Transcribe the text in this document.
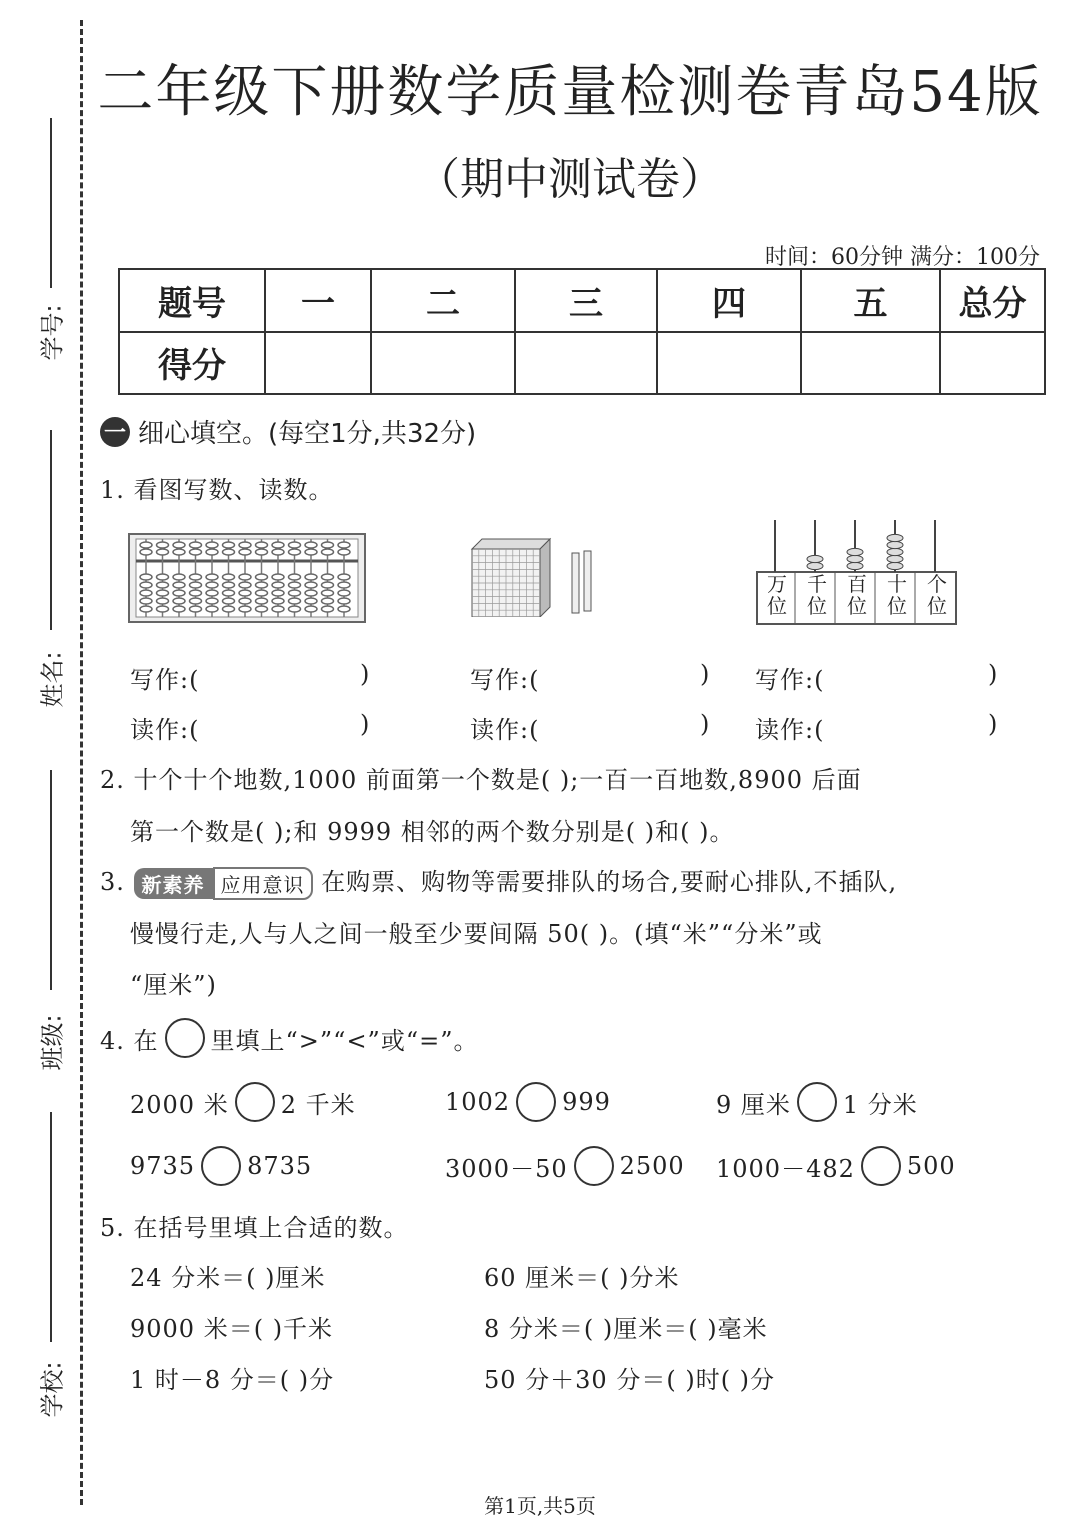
学号:
姓名:
班级:
学校:
二年级下册数学质量检测卷青岛54版
（期中测试卷）
时间：60分钟 满分：100分
题号	一	二	三	四	五	总分
得分						
一 细心填空。(每空1分,共32分)
1. 看图写数、读数。
万
位
千
位
百
位
十
位
个
位
写作:(	)	写作:(	) 写作:(	)
读作:(	)	读作:(	) 读作:(	)
2. 十个十个地数,1000 前面第一个数是( );一百一百地数,8900 后面
第一个数是( );和 9999 相邻的两个数分别是( )和( )。
3. 新素养 应用意识 在购票、购物等需要排队的场合,要耐心排队,不插队,
慢慢行走,人与人之间一般至少要间隔 50( )。(填“米”“分米”或
“厘米”)
4. 在 里填上“>”“<”或“=”。
2000 米 2 千米	1002 999	9 厘米 1 分米
9735 8735	3000－50 2500 1000－482 500
5. 在括号里填上合适的数。
24 分米＝( )厘米	60 厘米＝( )分米
9000 米＝( )千米	8 分米＝( )厘米＝( )毫米
1 时－8 分＝( )分	50 分＋30 分＝( )时( )分
第1页,共5页
